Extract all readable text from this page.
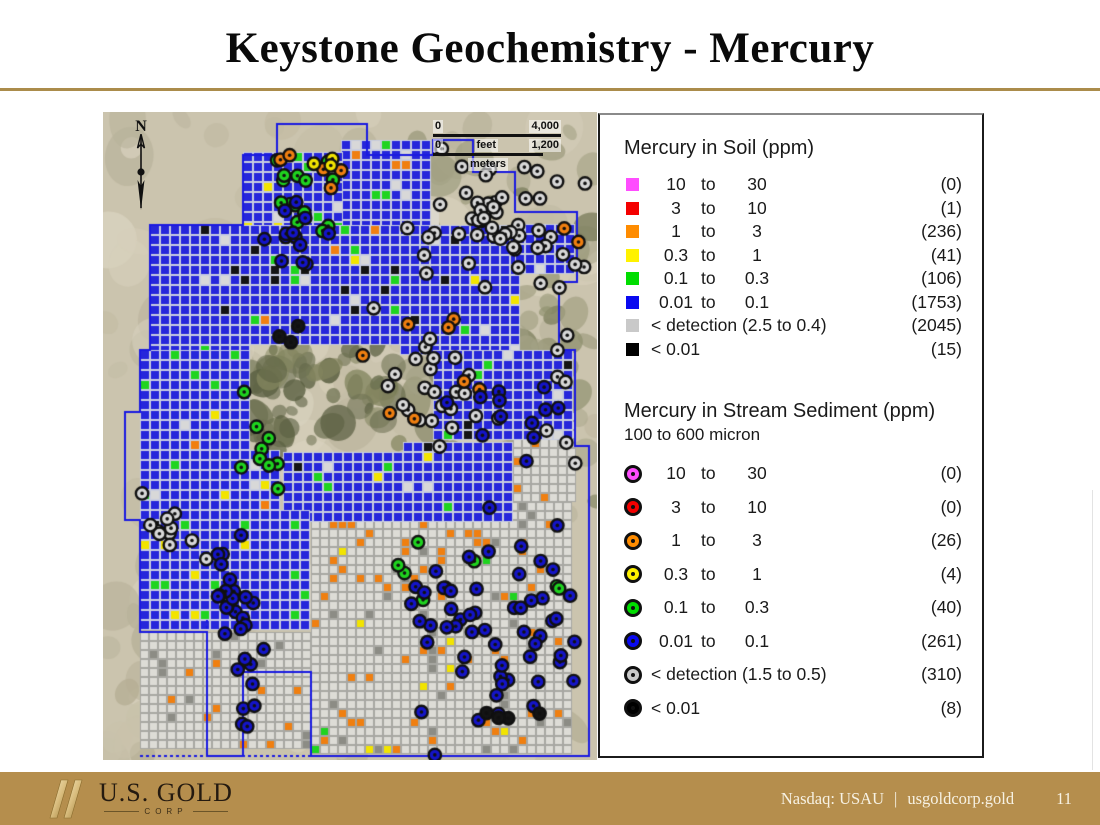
Keystone Geochemistry - Mercury
N	0	4,000
0	feet	1,200
meters
Mercury in Soil (ppm)
10 to	30	(0)
3	to	10	(1)
1	to	3	(236)
0.3 to	1	(41)
0.1 to	0.3	(106)
0.01 to	0.1	(1753)
< detection (2.5 to 0.4)	(2045)
< 0.01	(15)
Mercury in Stream Sediment (ppm)
100 to 600 micron
10 to	30	(0)
3	to	10	(0)
1	to	3	(26)
0.3 to	1	(4)
0.1 to	0.3	(40)
0.01 to	0.1	(261)
< detection (1.5 to 0.5)	(310)
< 0.01	(8)
U.S. GOLD
CORP
Nasdaq: USAU | usgoldcorp.gold	11
